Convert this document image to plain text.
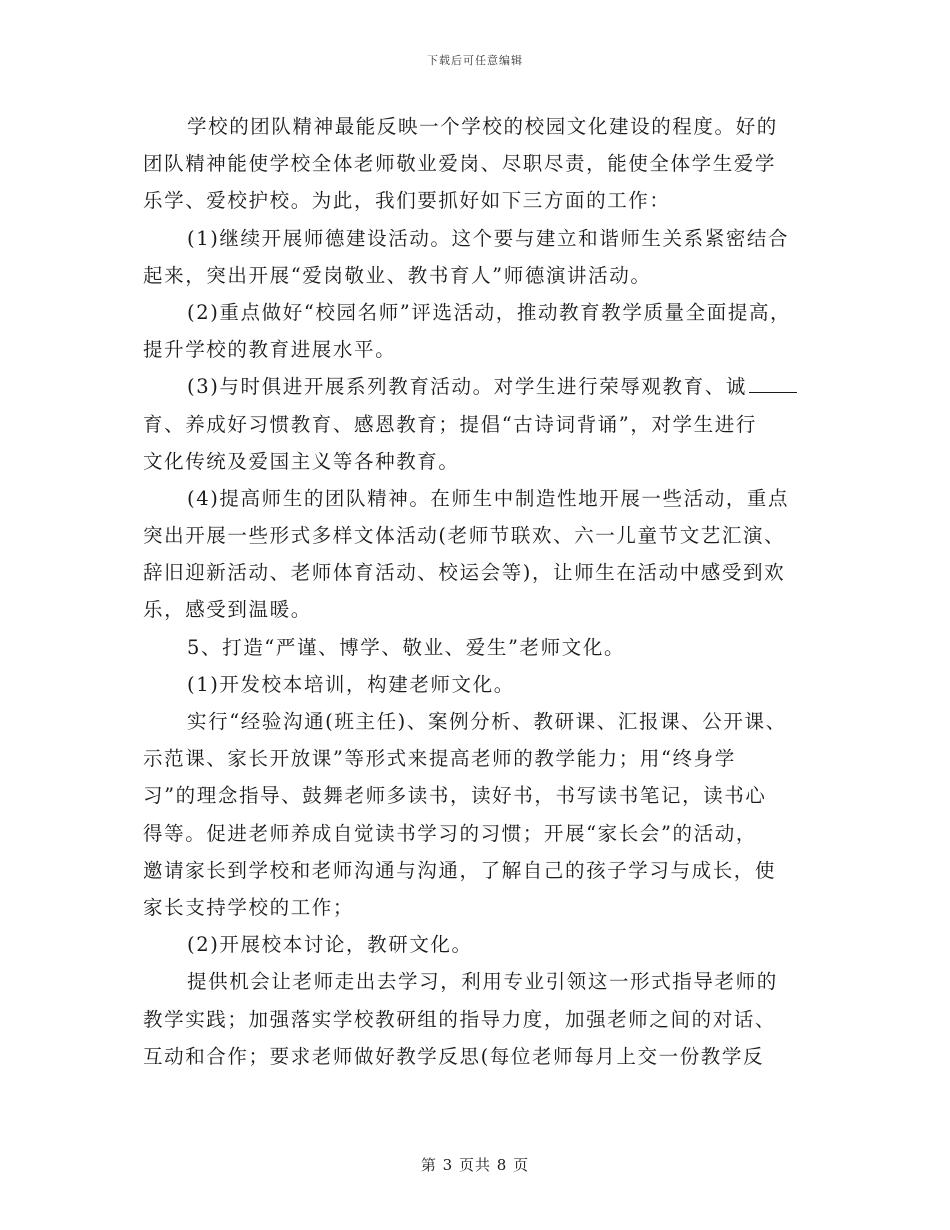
下载后可任意编辑
学校的团队精神最能反映一个学校的校园文化建设的程度。好的
团队精神能使学校全体老师敬业爱岗、尽职尽责，能使全体学生爱学
乐学、爱校护校。为此，我们要抓好如下三方面的工作：
(1)继续开展师德建设活动。这个要与建立和谐师生关系紧密结合
起来，突出开展“爱岗敬业、教书育人”师德演讲活动。
(2)重点做好“校园名师”评选活动，推动教育教学质量全面提高，
提升学校的教育进展水平。
(3)与时俱进开展系列教育活动。对学生进行荣辱观教育、诚
育、养成好习惯教育、感恩教育；提倡“古诗词背诵”，对学生进行
文化传统及爱国主义等各种教育。
(4)提高师生的团队精神。在师生中制造性地开展一些活动，重点
突出开展一些形式多样文体活动(老师节联欢、六一儿童节文艺汇演、
辞旧迎新活动、老师体育活动、校运会等)，让师生在活动中感受到欢
乐，感受到温暖。
5、打造“严谨、博学、敬业、爱生”老师文化。
(1)开发校本培训，构建老师文化。
实行“经验沟通(班主任)、案例分析、教研课、汇报课、公开课、
示范课、家长开放课”等形式来提高老师的教学能力；用“终身学
习”的理念指导、鼓舞老师多读书，读好书，书写读书笔记，读书心
得等。促进老师养成自觉读书学习的习惯；开展“家长会”的活动，
邀请家长到学校和老师沟通与沟通，了解自己的孩子学习与成长，使
家长支持学校的工作；
(2)开展校本讨论，教研文化。
提供机会让老师走出去学习，利用专业引领这一形式指导老师的
教学实践；加强落实学校教研组的指导力度，加强老师之间的对话、
互动和合作；要求老师做好教学反思(每位老师每月上交一份教学反
第 3 页共 8 页
